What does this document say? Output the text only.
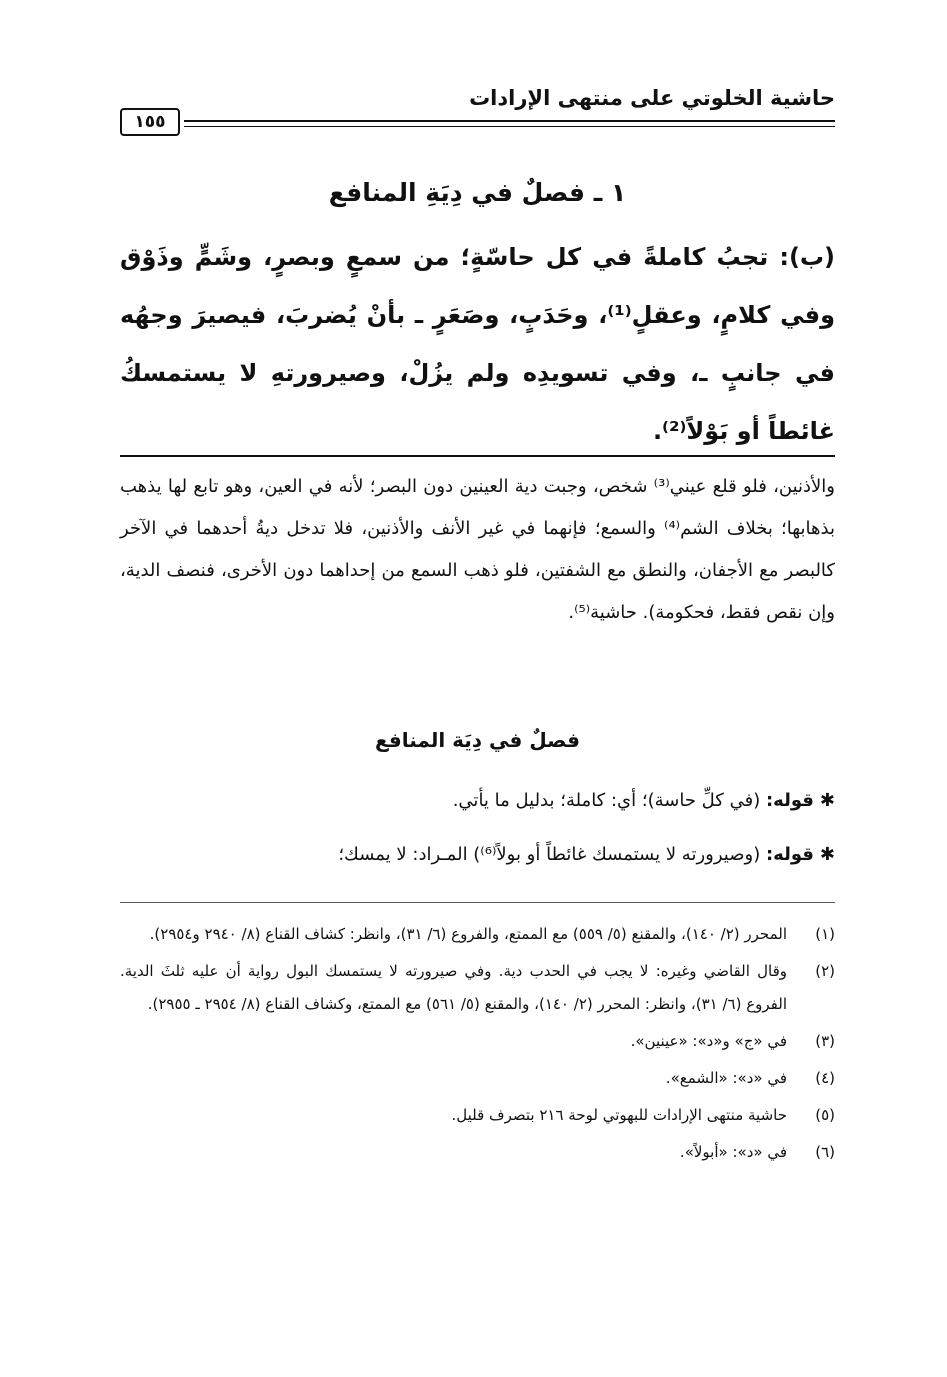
حاشية الخلوتي على منتهى الإرادات
١٥٥
١ ـ فصلٌ في دِيَةِ المنافع
(ب): تجبُ كاملةً في كل حاسّةٍ؛ من سمعٍ وبصرٍ، وشَمٍّ وذَوْق وفي كلامٍ، وعقلٍ⁽¹⁾، وحَدَبٍ، وصَعَرٍ ـ بأنْ يُضربَ، فيصيرَ وجهُه في جانبٍ ـ، وفي تسويدِه ولم يزُلْ، وصيرورتهِ لا يستمسكُ غائطاً أو بَوْلاً⁽²⁾.
والأذنين، فلو قلع عيني⁽³⁾ شخص، وجبت دية العينين دون البصر؛ لأنه في العين، وهو تابع لها يذهب بذهابها؛ بخلاف الشم⁽⁴⁾ والسمع؛ فإنهما في غير الأنف والأذنين، فلا تدخل ديةُ أحدهما في الآخر كالبصر مع الأجفان، والنطق مع الشفتين، فلو ذهب السمع من إحداهما دون الأخرى، فنصف الدية، وإن نقص فقط، فحكومة). حاشية⁽⁵⁾.
فصلٌ في دِيَة المنافع
✱قوله: (في كلِّ حاسة)؛ أي: كاملة؛ بدليل ما يأتي.
✱قوله: (وصيرورته لا يستمسك غائطاً أو بولاً⁽⁶⁾) المـراد: لا يمسك؛
(١)
المحرر (٢/ ١٤٠)، والمقنع (٥/ ٥٥٩) مع الممتع، والفروع (٦/ ٣١)، وانظر: كشاف القناع (٨/ ٢٩٤٠ و٢٩٥٤).
(٢)
وقال القاضي وغيره: لا يجب في الحدب دية. وفي صيرورته لا يستمسك البول رواية أن عليه ثلثَ الدية. الفروع (٦/ ٣١)، وانظر: المحرر (٢/ ١٤٠)، والمقنع (٥/ ٥٦١) مع الممتع، وكشاف القناع (٨/ ٢٩٥٤ ـ ٢٩٥٥).
(٣)
في «ج» و«د»: «عينين».
(٤)
في «د»: «الشمع».
(٥)
حاشية منتهى الإرادات للبهوتي لوحة ٢١٦ بتصرف قليل.
(٦)
في «د»: «أبولاً».
